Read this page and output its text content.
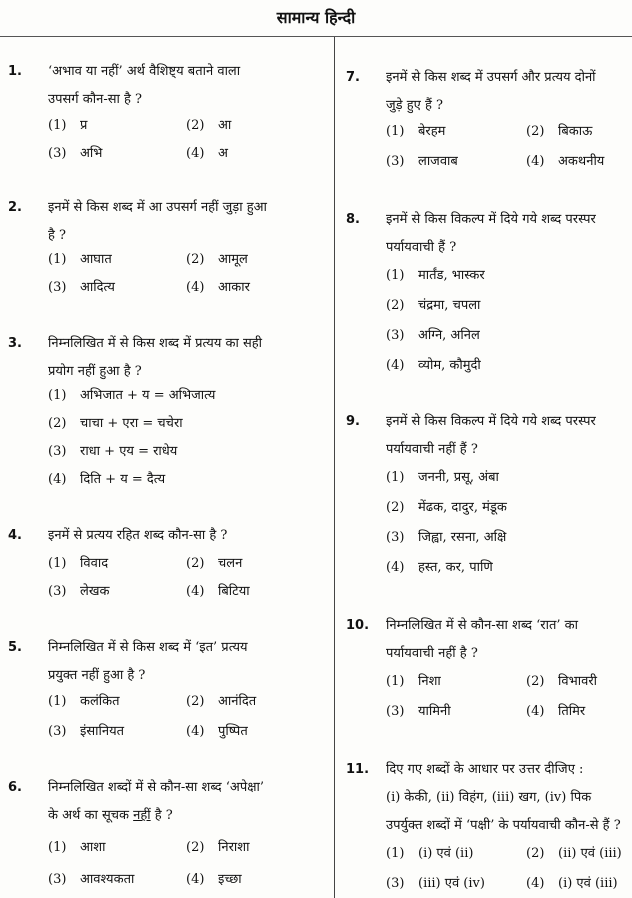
सामान्य हिन्दी
1. ‘अभाव या नहीं’ अर्थ वैशिष्ट्य बताने वाला
उपसर्ग कौन-सा है ?
(1) प्र	(2) आ
(3) अभि	(4) अ
2. इनमें से किस शब्द में आ उपसर्ग नहीं जुड़ा हुआ
है ?
(1) आघात	(2) आमूल
(3) आदित्य	(4) आकार
3. निम्नलिखित में से किस शब्द में प्रत्यय का सही
प्रयोग नहीं हुआ है ?
(1) अभिजात + य = अभिजात्य
(2) चाचा + एरा = चचेरा
(3) राधा + एय = राधेय
(4) दिति + य = दैत्य
4. इनमें से प्रत्यय रहित शब्द कौन-सा है ?
(1) विवाद	(2) चलन
(3) लेखक	(4) बिटिया
5. निम्नलिखित में से किस शब्द में ‘इत’ प्रत्यय
प्रयुक्त नहीं हुआ है ?
(1) कलंकित	(2) आनंदित
(3) इंसानियत	(4) पुष्पित
6. निम्नलिखित शब्दों में से कौन-सा शब्द ‘अपेक्षा’
के अर्थ का सूचक नहीं है ?
(1) आशा	(2) निराशा
(3) आवश्यकता	(4) इच्छा
7. इनमें से किस शब्द में उपसर्ग और प्रत्यय दोनों
जुड़े हुए हैं ?
(1) बेरहम	(2) बिकाऊ
(3) लाजवाब	(4) अकथनीय
8. इनमें से किस विकल्प में दिये गये शब्द परस्पर
पर्यायवाची हैं ?
(1) मार्तंड, भास्कर
(2) चंद्रमा, चपला
(3) अग्नि, अनिल
(4) व्योम, कौमुदी
9. इनमें से किस विकल्प में दिये गये शब्द परस्पर
पर्यायवाची नहीं हैं ?
(1) जननी, प्रसू, अंबा
(2) मेंढक, दादुर, मंडूक
(3) जिह्वा, रसना, अक्षि
(4) हस्त, कर, पाणि
10. निम्नलिखित में से कौन-सा शब्द ‘रात’ का
पर्यायवाची नहीं है ?
(1) निशा	(2) विभावरी
(3) यामिनी	(4) तिमिर
11. दिए गए शब्दों के आधार पर उत्तर दीजिए :
(i) केकी, (ii) विहंग, (iii) खग, (iv) पिक
उपर्युक्त शब्दों में ‘पक्षी’ के पर्यायवाची कौन-से हैं ?
(1) (i) एवं (ii)	(2) (ii) एवं (iii)
(3) (iii) एवं (iv)	(4) (i) एवं (iii)
